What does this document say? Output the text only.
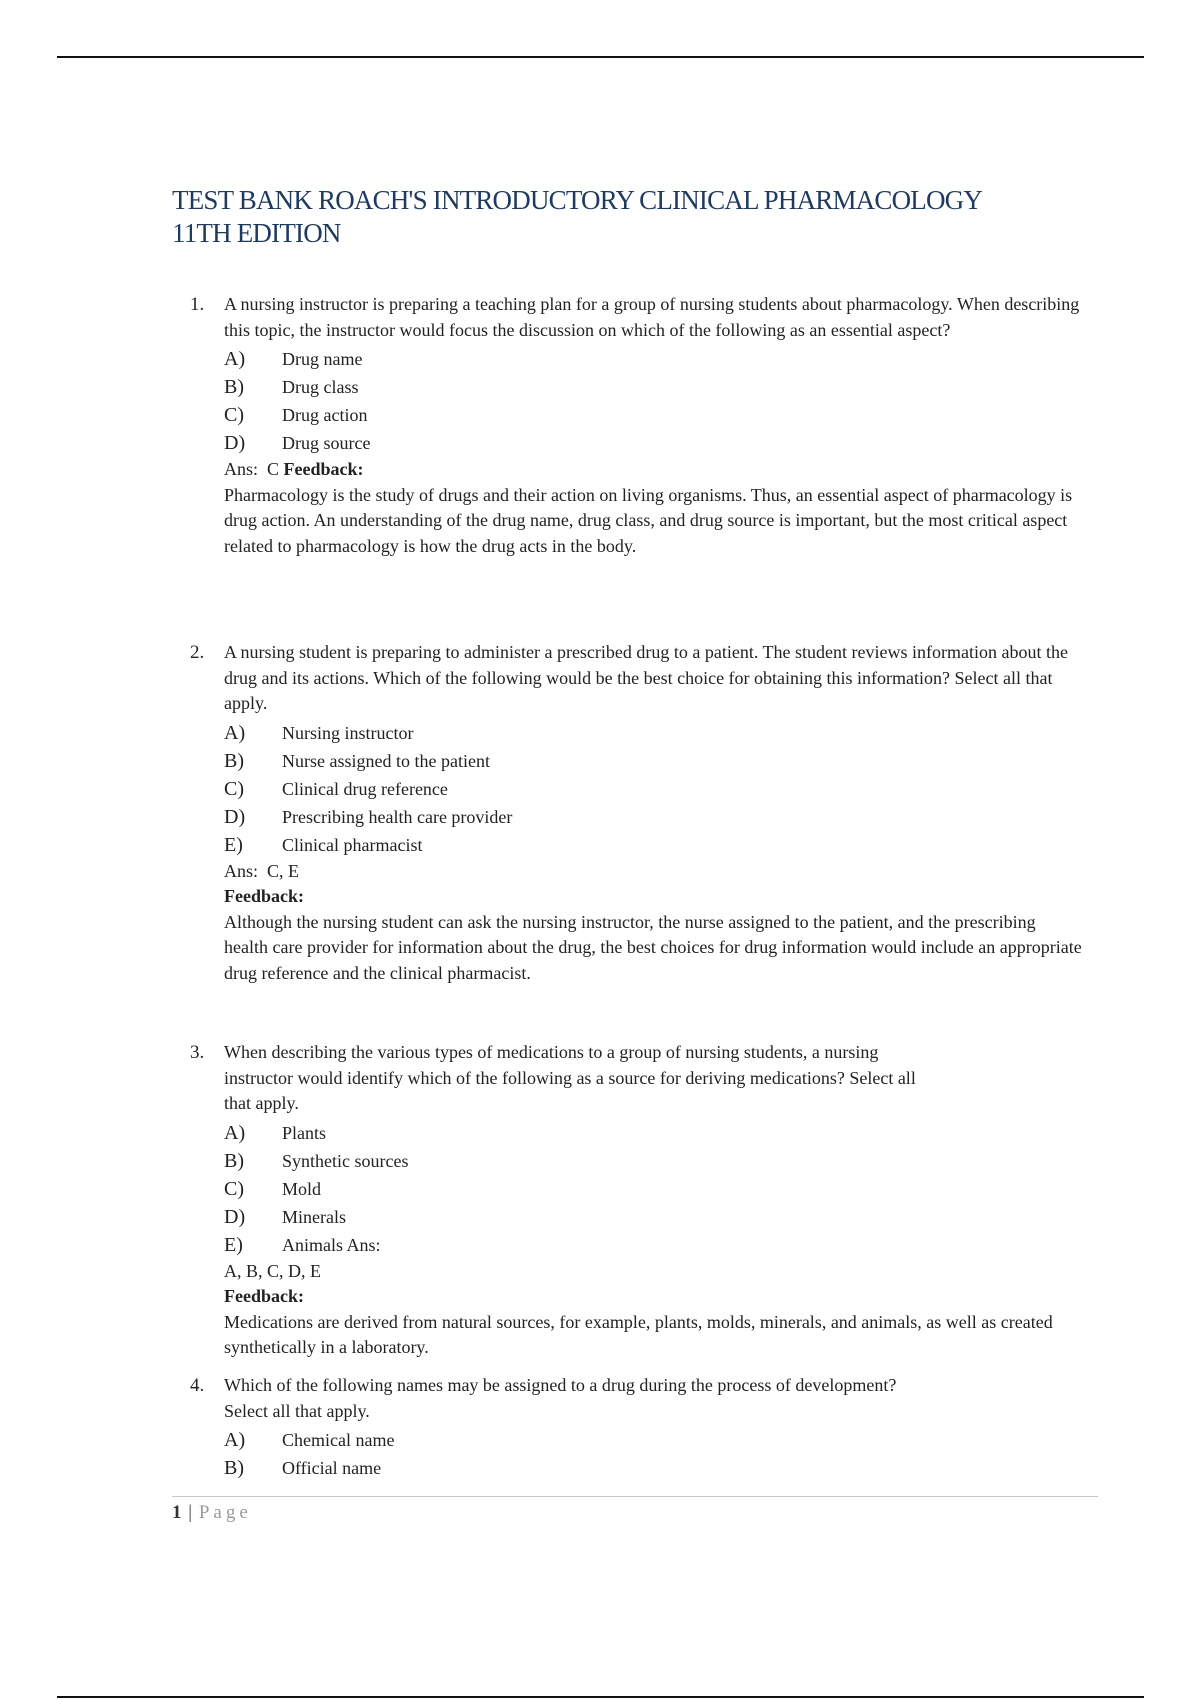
TEST BANK ROACH'S INTRODUCTORY CLINICAL PHARMACOLOGY
11TH EDITION
1.	A nursing instructor is preparing a teaching plan for a group of nursing students about pharmacology. When describing this topic, the instructor would focus the discussion on which of the following as an essential aspect?

A) Drug name
B) Drug class
C) Drug action
D) Drug source

Ans: C Feedback:

Pharmacology is the study of drugs and their action on living organisms. Thus, an essential aspect of pharmacology is drug action. An understanding of the drug name, drug class, and drug source is important, but the most critical aspect related to pharmacology is how the drug acts in the body.

2.	A nursing student is preparing to administer a prescribed drug to a patient. The student reviews information about the drug and its actions. Which of the following would be the best choice for obtaining this information? Select all that apply.

A) Nursing instructor
B) Nurse assigned to the patient
C) Clinical drug reference
D) Prescribing health care provider
E) Clinical pharmacist

Ans: C, E

Feedback:

Although the nursing student can ask the nursing instructor, the nurse assigned to the patient, and the prescribing health care provider for information about the drug, the best choices for drug information would include an appropriate drug reference and the clinical pharmacist.

3.	When describing the various types of medications to a group of nursing students, a nursing
instructor would identify which of the following as a source for deriving medications? Select all
that apply.

A) Plants
B) Synthetic sources
C) Mold
D) Minerals
E) Animals Ans:

A, B, C, D, E

Feedback:

Medications are derived from natural sources, for example, plants, molds, minerals, and animals, as well as created synthetically in a laboratory.

4.	Which of the following names may be assigned to a drug during the process of development?
Select all that apply.

A) Chemical name
B) Official name
1 | Page
